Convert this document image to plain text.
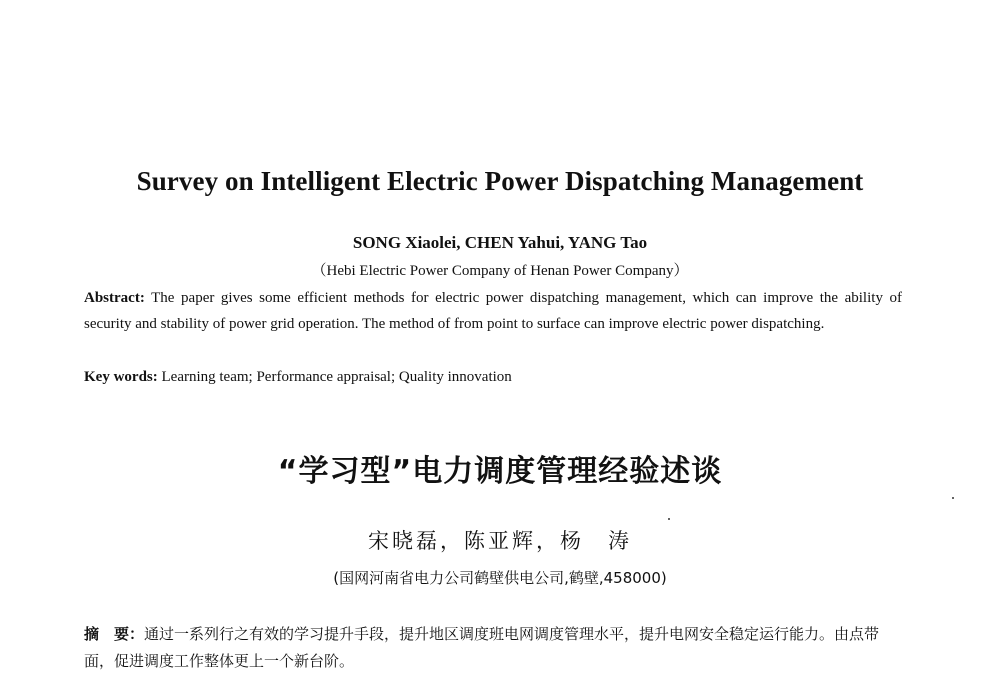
Survey on Intelligent Electric Power Dispatching Management
SONG Xiaolei, CHEN Yahui, YANG Tao
（Hebi Electric Power Company of Henan Power Company）
Abstract: The paper gives some efficient methods for electric power dispatching management, which can improve the ability of security and stability of power grid operation. The method of from point to surface can improve electric power dispatching.
Key words: Learning team; Performance appraisal; Quality innovation
“学习型”电力调度管理经验述谈
宋晓磊，陈亚辉，杨　涛
(国网河南省电力公司鹤壁供电公司,鹤壁,458000)
摘　要：通过一系列行之有效的学习提升手段，提升地区调度班电网调度管理水平，提升电网安全稳定运行能力。由点带面，促进调度工作整体更上一个新台阶。
